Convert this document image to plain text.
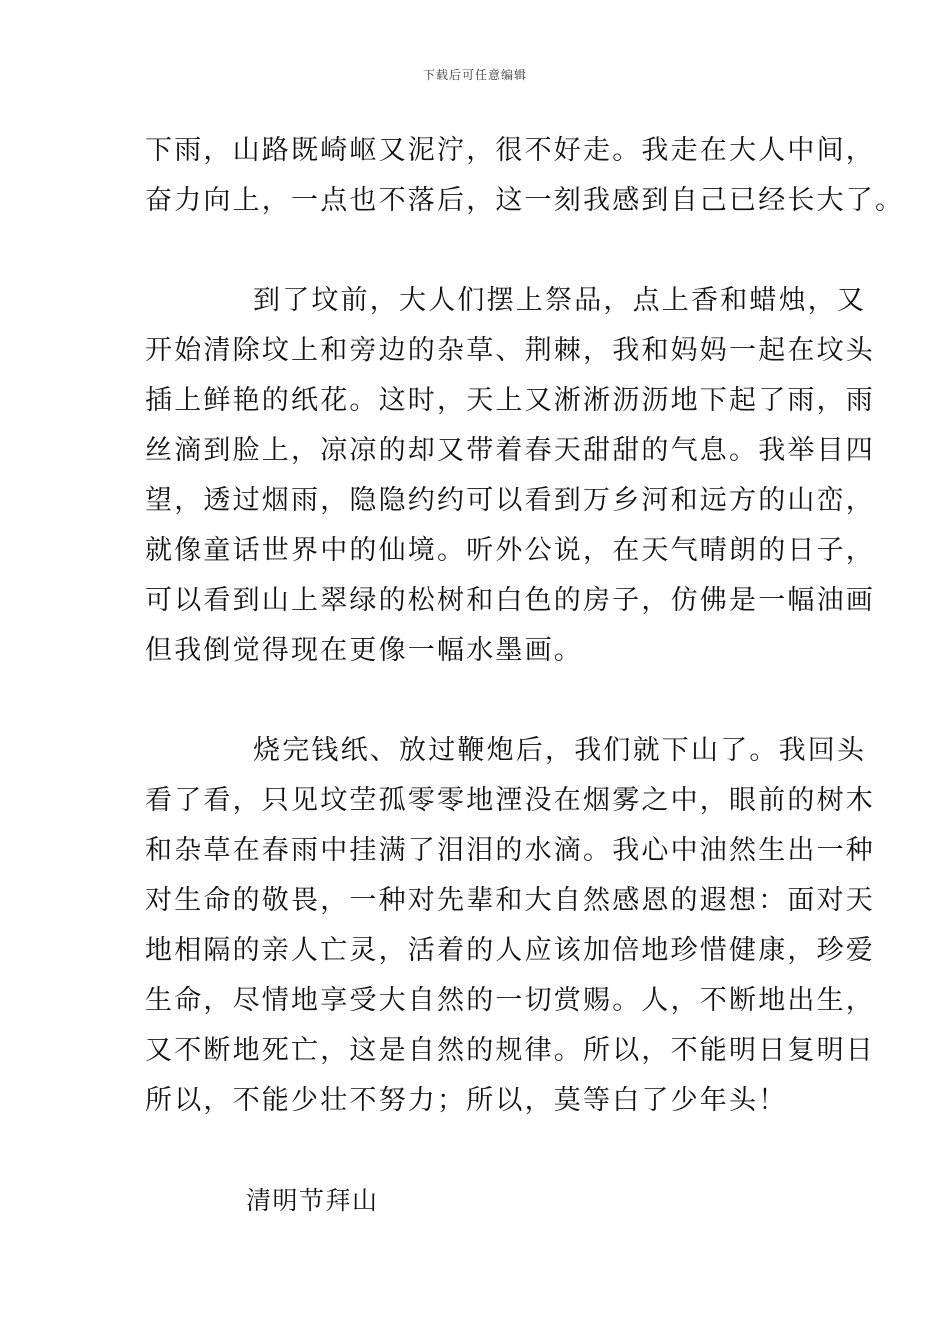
下载后可任意编辑

下雨，山路既崎岖又泥泞，很不好走。我走在大人中间，
奋力向上，一点也不落后，这一刻我感到自己已经长大了。

到了坟前，大人们摆上祭品，点上香和蜡烛，又
开始清除坟上和旁边的杂草、荆棘，我和妈妈一起在坟头
插上鲜艳的纸花。这时，天上又淅淅沥沥地下起了雨，雨
丝滴到脸上，凉凉的却又带着春天甜甜的气息。我举目四
望，透过烟雨，隐隐约约可以看到万乡河和远方的山峦，
就像童话世界中的仙境。听外公说，在天气晴朗的日子，
可以看到山上翠绿的松树和白色的房子，仿佛是一幅油画
但我倒觉得现在更像一幅水墨画。

烧完钱纸、放过鞭炮后，我们就下山了。我回头
看了看，只见坟茔孤零零地湮没在烟雾之中，眼前的树木
和杂草在春雨中挂满了泪泪的水滴。我心中油然生出一种
对生命的敬畏，一种对先辈和大自然感恩的遐想：面对天
地相隔的亲人亡灵，活着的人应该加倍地珍惜健康，珍爱
生命，尽情地享受大自然的一切赏赐。人，不断地出生，
又不断地死亡，这是自然的规律。所以，不能明日复明日
所以，不能少壮不努力；所以，莫等白了少年头！

清明节拜山
